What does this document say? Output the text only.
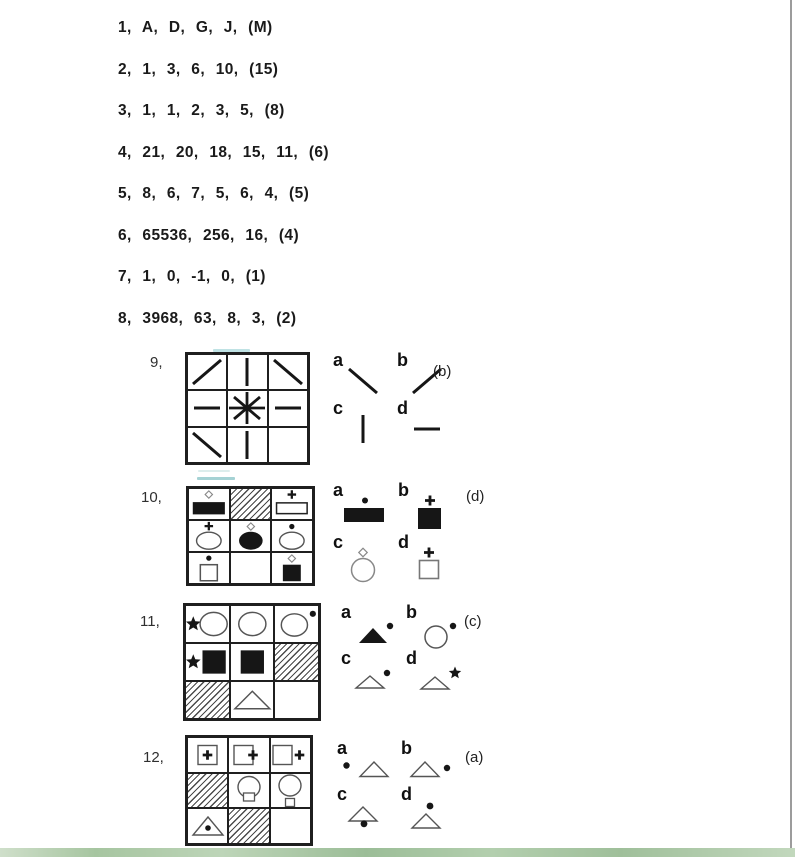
1, A, D, G, J, (M)
2, 1, 3, 6, 10, (15)
3, 1, 1, 2, 3, 5, (8)
4, 21, 20, 18, 15, 11, (6)
5, 8, 6, 7, 5, 6, 4, (5)
6, 65536, 256, 16, (4)
7, 1, 0, -1, 0, (1)
8, 3968, 63, 8, 3, (2)
9,	a	b
c	d
(b)
10,	a	b
c	d
(d)
11,	a	b
c	d
(c)
12,	a	b
c	d
(a)
